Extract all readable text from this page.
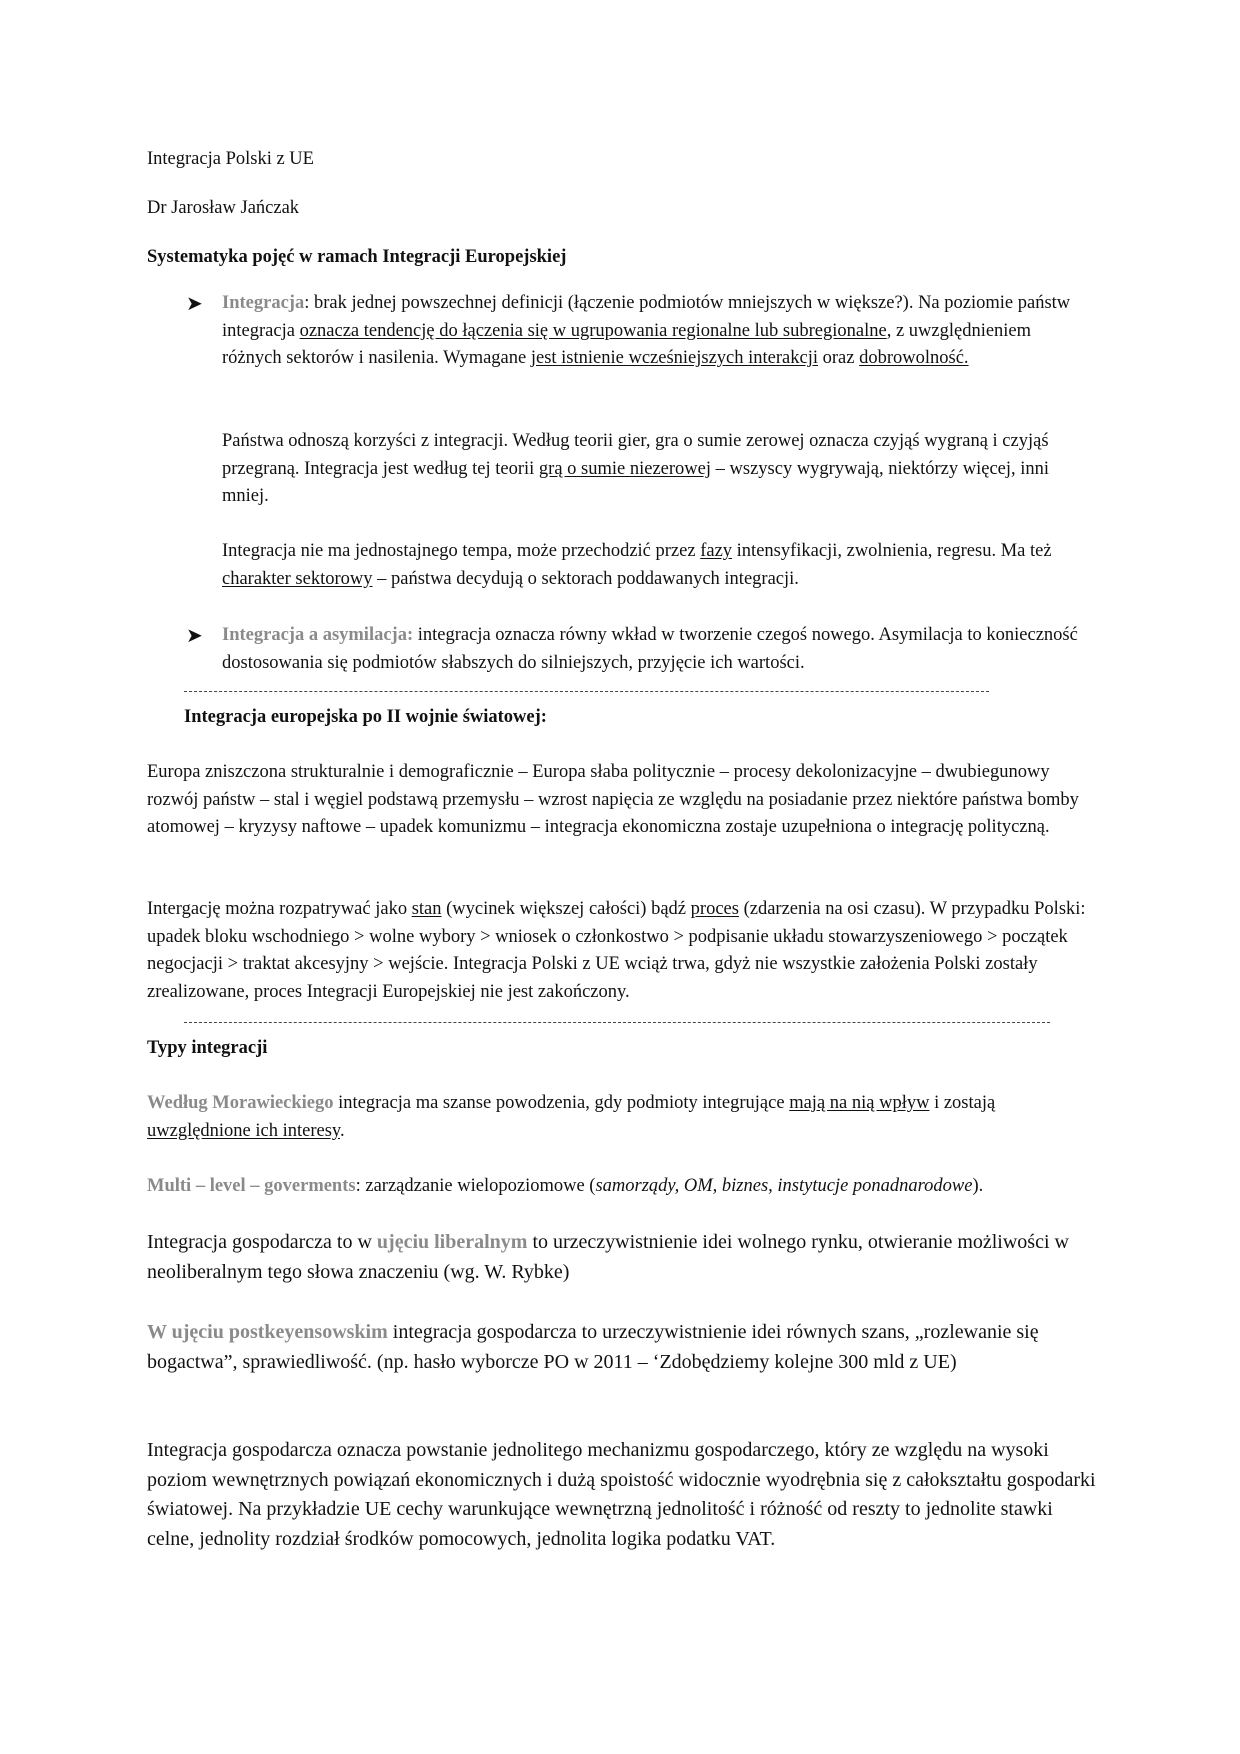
Integracja Polski z UE

Dr Jarosław Jańczak

Systematyka pojęć w ramach Integracji Europejskiej

➤ Integracja: brak jednej powszechnej definicji (łączenie podmiotów mniejszych w większe?). Na poziomie państw integracja oznacza tendencję do łączenia się w ugrupowania regionalne lub subregionalne, z uwzględnieniem różnych sektorów i nasilenia. Wymagane jest istnienie wcześniejszych interakcji oraz dobrowolność.

Państwa odnoszą korzyści z integracji. Według teorii gier, gra o sumie zerowej oznacza czyjąś wygraną i czyjąś przegraną. Integracja jest według tej teorii grą o sumie niezerowej – wszyscy wygrywają, niektórzy więcej, inni mniej.

Integracja nie ma jednostajnego tempa, może przechodzić przez fazy intensyfikacji, zwolnienia, regresu. Ma też charakter sektorowy – państwa decydują o sektorach poddawanych integracji.

➤ Integracja a asymilacja: integracja oznacza równy wkład w tworzenie czegoś nowego. Asymilacja to konieczność dostosowania się podmiotów słabszych do silniejszych, przyjęcie ich wartości.

Integracja europejska po II wojnie światowej:

Europa zniszczona strukturalnie i demograficznie – Europa słaba politycznie – procesy dekolonizacyjne – dwubiegunowy rozwój państw – stal i węgiel podstawą przemysłu – wzrost napięcia ze względu na posiadanie przez niektóre państwa bomby atomowej – kryzysy naftowe – upadek komunizmu – integracja ekonomiczna zostaje uzupełniona o integrację polityczną.

Intergację można rozpatrywać jako stan (wycinek większej całości) bądź proces (zdarzenia na osi czasu). W przypadku Polski: upadek bloku wschodniego > wolne wybory > wniosek o członkostwo > podpisanie układu stowarzyszeniowego > początek negocjacji > traktat akcesyjny > wejście. Integracja Polski z UE wciąż trwa, gdyż nie wszystkie założenia Polski zostały zrealizowane, proces Integracji Europejskiej nie jest zakończony.

Typy integracji

Według Morawieckiego integracja ma szanse powodzenia, gdy podmioty integrujące mają na nią wpływ i zostają uwzględnione ich interesy.

Multi – level – goverments: zarządzanie wielopoziomowe (samorządy, OM, biznes, instytucje ponadnarodowe).

Integracja gospodarcza to w ujęciu liberalnym to urzeczywistnienie idei wolnego rynku, otwieranie możliwości w neoliberalnym tego słowa znaczeniu (wg. W. Rybke)

W ujęciu postkeyensowskim integracja gospodarcza to urzeczywistnienie idei równych szans, „rozlewanie się bogactwa”, sprawiedliwość. (np. hasło wyborcze PO w 2011 – ‘Zdobędziemy kolejne 300 mld z UE)

Integracja gospodarcza oznacza powstanie jednolitego mechanizmu gospodarczego, który ze względu na wysoki poziom wewnętrznych powiązań ekonomicznych i dużą spoistość widocznie wyodrębnia się z całokształtu gospodarki światowej. Na przykładzie UE cechy warunkujące wewnętrzną jednolitość i różność od reszty to jednolite stawki celne, jednolity rozdział środków pomocowych, jednolita logika podatku VAT.
